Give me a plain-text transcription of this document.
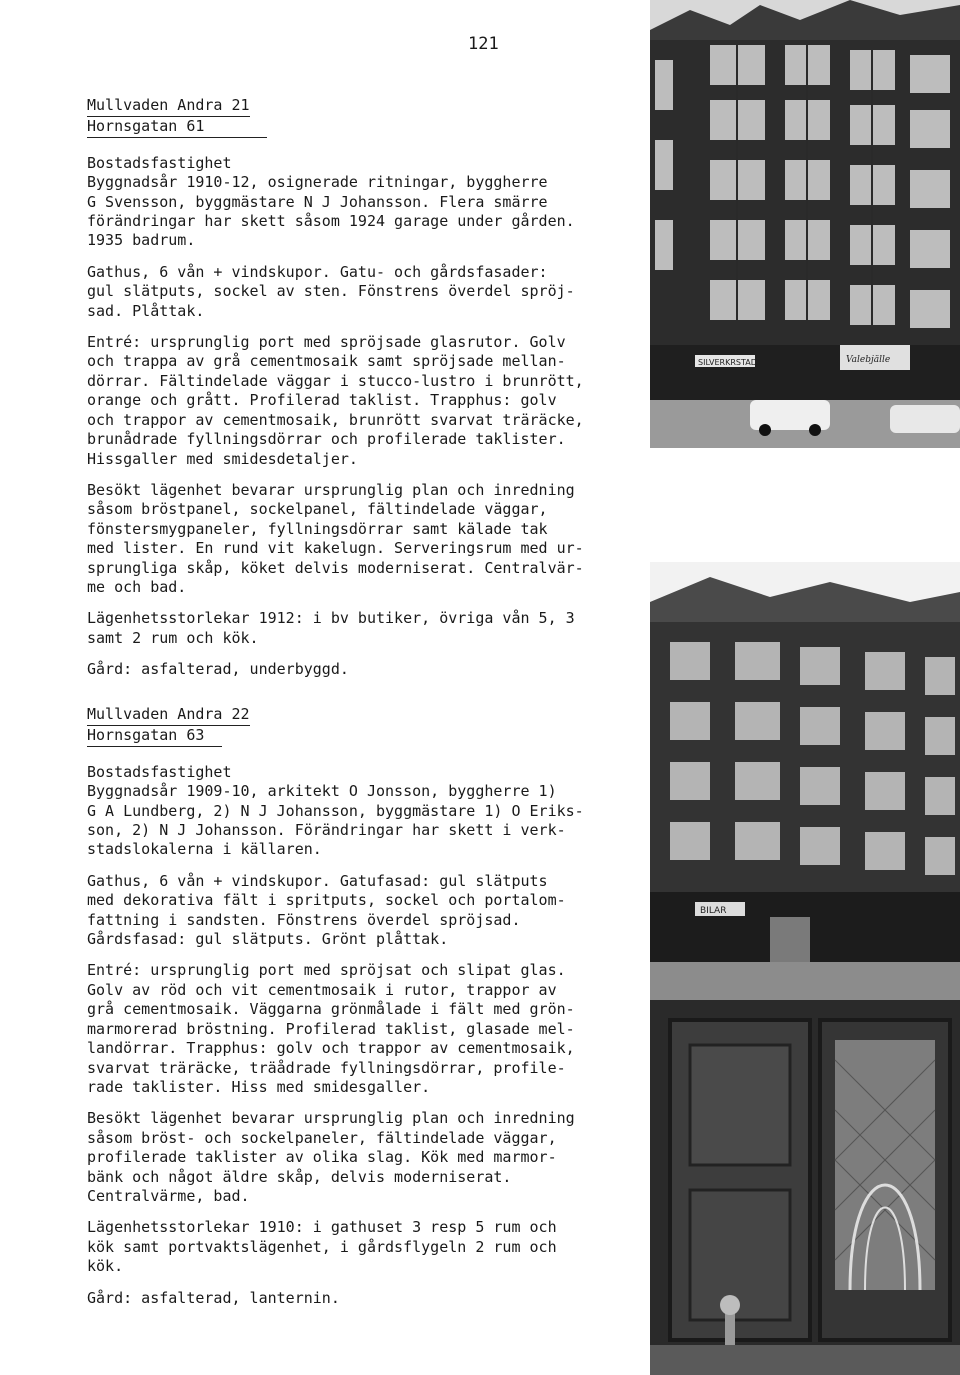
121
Mullvaden Andra 21
Hornsgatan 61

Bostadsfastighet
Byggnadsår 1910-12, osignerade ritningar, byggherre
G Svensson, byggmästare N J Johansson. Flera smärre
förändringar har skett såsom 1924 garage under gården.
1935 badrum.

Gathus, 6 vån + vindskupor. Gatu- och gårdsfasader:
gul slätputs, sockel av sten. Fönstrens överdel spröj-
sad. Plåttak.

Entré: ursprunglig port med spröjsade glasrutor. Golv
och trappa av grå cementmosaik samt spröjsade mellan-
dörrar. Fältindelade väggar i stucco-lustro i brunrött,
orange och grått. Profilerad taklist. Trapphus: golv
och trappor av cementmosaik, brunrött svarvat träräcke,
brunådrade fyllningsdörrar och profilerade taklister.
Hissgaller med smidesdetaljer.

Besökt lägenhet bevarar ursprunglig plan och inredning
såsom bröstpanel, sockelpanel, fältindelade väggar,
fönstersmygpaneler, fyllningsdörrar samt kälade tak
med lister. En rund vit kakelugn. Serveringsrum med ur-
sprungliga skåp, köket delvis moderniserat. Centralvär-
me och bad.

Lägenhetsstorlekar 1912: i bv butiker, övriga vån 5, 3
samt 2 rum och kök.

Gård: asfalterad, underbyggd.

Mullvaden Andra 22
Hornsgatan 63

Bostadsfastighet
Byggnadsår 1909-10, arkitekt O Jonsson, byggherre 1)
G A Lundberg, 2) N J Johansson, byggmästare 1) O Eriks-
son, 2) N J Johansson. Förändringar har skett i verk-
stadslokalerna i källaren.

Gathus, 6 vån + vindskupor. Gatufasad: gul slätputs
med dekorativa fält i spritputs, sockel och portalom-
fattning i sandsten. Fönstrens överdel spröjsad.
Gårdsfasad: gul slätputs. Grönt plåttak.

Entré: ursprunglig port med spröjsat och slipat glas.
Golv av röd och vit cementmosaik i rutor, trappor av
grå cementmosaik. Väggarna grönmålade i fält med grön-
marmorerad bröstning. Profilerad taklist, glasade mel-
landörrar. Trapphus: golv och trappor av cementmosaik,
svarvat träräcke, träådrade fyllningsdörrar, profile-
rade taklister. Hiss med smidesgaller.

Besökt lägenhet bevarar ursprunglig plan och inredning
såsom bröst- och sockelpaneler, fältindelade väggar,
profilerade taklister av olika slag. Kök med marmor-
bänk och något äldre skåp, delvis moderniserat.
Centralvärme, bad.

Lägenhetsstorlekar 1910: i gathuset 3 resp 5 rum och
kök samt portvaktslägenhet, i gårdsflygeln 2 rum och
kök.

Gård: asfalterad, lanternin.

SILVERKRSTAD	Valebjälle
BILAR
